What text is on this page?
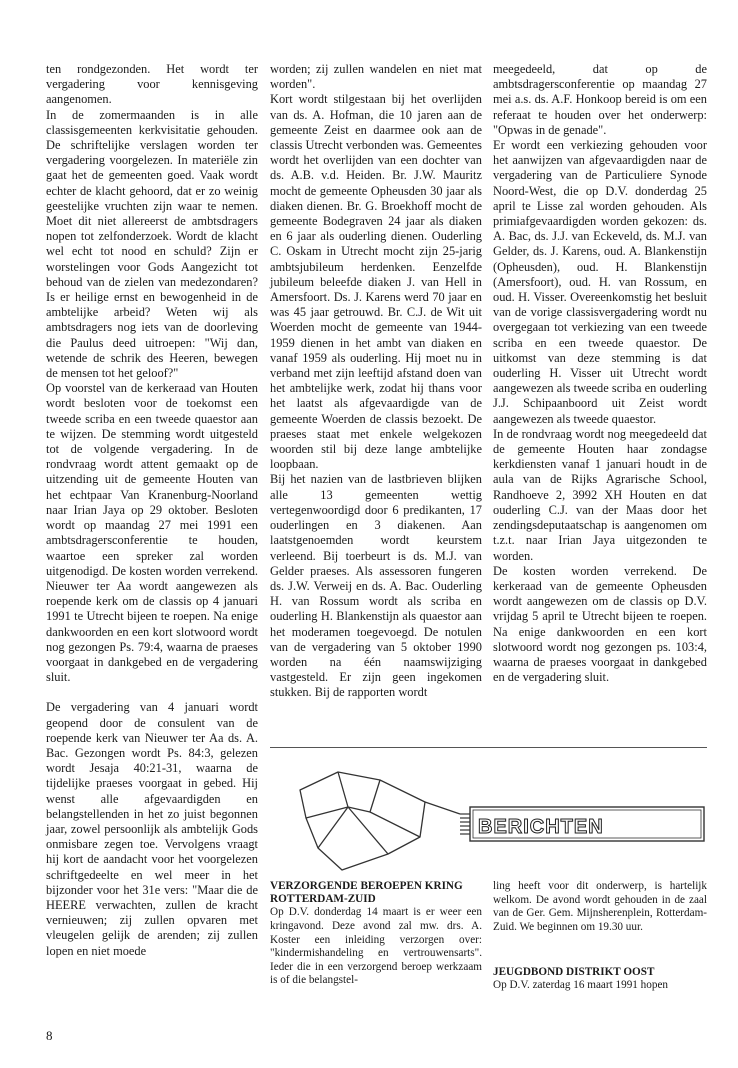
ten rondgezonden. Het wordt ter vergadering voor kennisgeving aangenomen.

In de zomermaanden is in alle classisgemeenten kerkvisitatie gehouden. De schriftelijke verslagen worden ter vergadering voorgelezen. In materiële zin gaat het de gemeenten goed. Vaak wordt echter de klacht gehoord, dat er zo weinig geestelijke vruchten zijn waar te nemen. Moet dit niet allereerst de ambtsdragers nopen tot zelfonderzoek. Wordt de klacht wel echt tot nood en schuld? Zijn er worstelingen voor Gods Aangezicht tot behoud van de zielen van medezondaren? Is er heilige ernst en bewogenheid in de ambtelijke arbeid? Weten wij als ambtsdragers nog iets van de doorleving die Paulus deed uitroepen: "Wij dan, wetende de schrik des Heeren, bewegen de mensen tot het geloof?"

Op voorstel van de kerkeraad van Houten wordt besloten voor de toekomst een tweede scriba en een tweede quaestor aan te wijzen. De stemming wordt uitgesteld tot de volgende vergadering. In de rondvraag wordt attent gemaakt op de uitzending uit de gemeente Houten van het echtpaar Van Kranenburg-Noorland naar Irian Jaya op 29 oktober. Besloten wordt op maandag 27 mei 1991 een ambtsdragersconferentie te houden, waartoe een spreker zal worden uitgenodigd. De kosten worden verrekend. Nieuwer ter Aa wordt aangewezen als roepende kerk om de classis op 4 januari 1991 te Utrecht bijeen te roepen. Na enige dankwoorden en een kort slotwoord wordt nog gezongen Ps. 79:4, waarna de praeses voorgaat in dankgebed en de vergadering sluit.

De vergadering van 4 januari wordt geopend door de consulent van de roepende kerk van Nieuwer ter Aa ds. A. Bac. Gezongen wordt Ps. 84:3, gelezen wordt Jesaja 40:21-31, waarna de tijdelijke praeses voorgaat in gebed. Hij wenst alle afgevaardigden en belangstellenden in het zo juist begonnen jaar, zowel persoonlijk als ambtelijk Gods onmisbare zegen toe. Vervolgens vraagt hij kort de aandacht voor het voorgelezen schriftgedeelte en wel meer in het bijzonder voor het 31e vers: "Maar die de HEERE verwachten, zullen de kracht vernieuwen; zij zullen opvaren met vleugelen gelijk de arenden; zij zullen lopen en niet moede

worden; zij zullen wandelen en niet mat worden".

Kort wordt stilgestaan bij het overlijden van ds. A. Hofman, die 10 jaren aan de gemeente Zeist en daarmee ook aan de classis Utrecht verbonden was. Gemeentes wordt het overlijden van een dochter van ds. A.B. v.d. Heiden. Br. J.W. Mauritz mocht de gemeente Opheusden 30 jaar als diaken dienen. Br. G. Broekhoff mocht de gemeente Bodegraven 24 jaar als diaken en 6 jaar als ouderling dienen. Ouderling C. Oskam in Utrecht mocht zijn 25-jarig ambtsjubileum herdenken. Eenzelfde jubileum beleefde diaken J. van Hell in Amersfoort. Ds. J. Karens werd 70 jaar en was 45 jaar getrouwd. Br. C.J. de Wit uit Woerden mocht de gemeente van 1944-1959 dienen in het ambt van diaken en vanaf 1959 als ouderling. Hij moet nu in verband met zijn leeftijd afstand doen van het ambtelijke werk, zodat hij thans voor het laatst als afgevaardigde van de gemeente Woerden de classis bezoekt. De praeses staat met enkele welgekozen woorden stil bij deze lange ambtelijke loopbaan.

Bij het nazien van de lastbrieven blijken alle 13 gemeenten wettig vertegenwoordigd door 6 predikanten, 17 ouderlingen en 3 diakenen. Aan laatstgenoemden wordt keurstem verleend. Bij toerbeurt is ds. M.J. van Gelder praeses. Als assessoren fungeren ds. J.W. Verweij en ds. A. Bac. Ouderling H. van Rossum wordt als scriba en ouderling H. Blankenstijn als quaestor aan het moderamen toegevoegd. De notulen van de vergadering van 5 oktober 1990 worden na één naamswijziging vastgesteld. Er zijn geen ingekomen stukken. Bij de rapporten wordt

meegedeeld, dat op de ambtsdragersconferentie op maandag 27 mei a.s. ds. A.F. Honkoop bereid is om een referaat te houden over het onderwerp: "Opwas in de genade".

Er wordt een verkiezing gehouden voor het aanwijzen van afgevaardigden naar de vergadering van de Particuliere Synode Noord-West, die op D.V. donderdag 25 april te Lisse zal worden gehouden. Als primiafgevaardigden worden gekozen: ds. A. Bac, ds. J.J. van Eckeveld, ds. M.J. van Gelder, ds. J. Karens, oud. A. Blankenstijn (Opheusden), oud. H. Blankenstijn (Amersfoort), oud. H. van Rossum, en oud. H. Visser. Overeenkomstig het besluit van de vorige classisvergadering wordt nu overgegaan tot verkiezing van een tweede scriba en een tweede quaestor. De uitkomst van deze stemming is dat ouderling H. Visser uit Utrecht wordt aangewezen als tweede scriba en ouderling J.J. Schipaanboord uit Zeist wordt aangewezen als tweede quaestor.

In de rondvraag wordt nog meegedeeld dat de gemeente Houten haar zondagse kerkdiensten vanaf 1 januari houdt in de aula van de Rijks Agrarische School, Randhoeve 2, 3992 XH Houten en dat ouderling C.J. van der Maas door het zendingsdeputaatschap is aangenomen om t.z.t. naar Irian Jaya uitgezonden te worden.

De kosten worden verrekend. De kerkeraad van de gemeente Opheusden wordt aangewezen om de classis op D.V. vrijdag 5 april te Utrecht bijeen te roepen. Na enige dankwoorden en een kort slotwoord wordt nog gezongen ps. 103:4, waarna de praeses voorgaat in dankgebed en de vergadering sluit.

BERICHTEN
VERZORGENDE BEROEPEN KRING ROTTERDAM-ZUID

Op D.V. donderdag 14 maart is er weer een kringavond. Deze avond zal mw. drs. A. Koster een inleiding verzorgen over: "kindermishandeling en vertrouwensarts". Ieder die in een verzorgend beroep werkzaam is of die belangstel-

ling heeft voor dit onderwerp, is hartelijk welkom. De avond wordt gehouden in de zaal van de Ger. Gem. Mijnsherenplein, Rotterdam-Zuid. We beginnen om 19.30 uur.

JEUGDBOND DISTRIKT OOST

Op D.V. zaterdag 16 maart 1991 hopen

8
